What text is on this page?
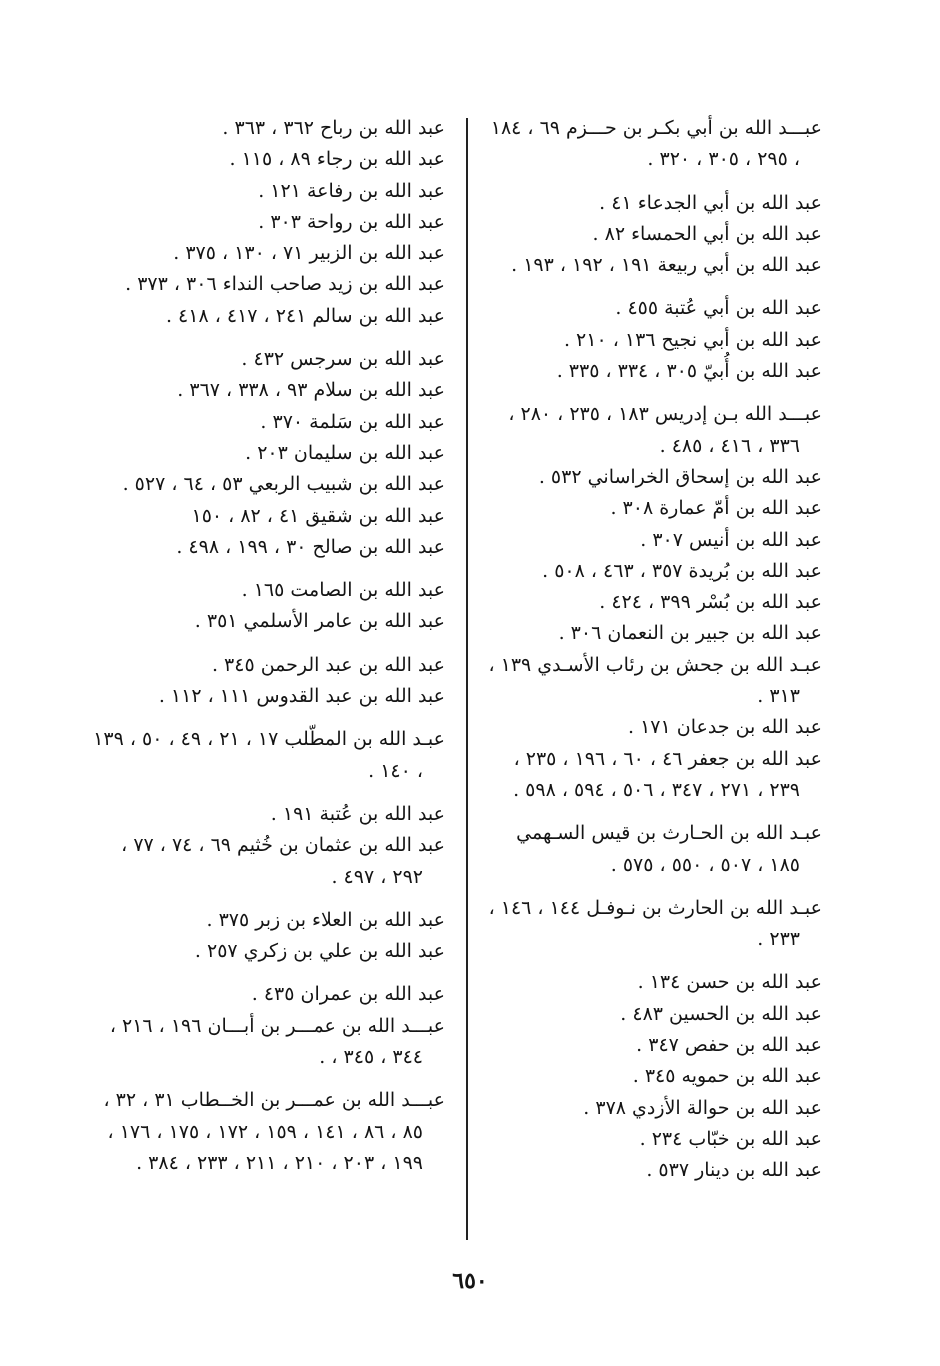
عبـــد الله بن أبي بكـر بن حـــزم ٦٩ ، ١٨٤ ، ٢٩٥ ، ٣٠٥ ، ٣٢٠ .
عبد الله بن أبي الجدعاء ٤١ .
عبد الله بن أبي الحمساء ٨٢ .
عبد الله بن أبي ربيعة ١٩١ ، ١٩٢ ، ١٩٣ .
عبد الله بن أبي عُتبة ٤٥٥ .
عبد الله بن أبي نجيح ١٣٦ ، ٢١٠ .
عبد الله بن أُبيّ ٣٠٥ ، ٣٣٤ ، ٣٣٥ .
عبـــد الله بـن إدريس ١٨٣ ، ٢٣٥ ، ٢٨٠ ، ٣٣٦ ، ٤١٦ ، ٤٨٥ .
عبد الله بن إسحاق الخراساني ٥٣٢ .
عبد الله بن أمّ عمارة ٣٠٨ .
عبد الله بن أنيس ٣٠٧ .
عبد الله بن بُريدة ٣٥٧ ، ٤٦٣ ، ٥٠٨ .
عبد الله بن بُسْر ٣٩٩ ، ٤٢٤ .
عبد الله بن جبير بن النعمان ٣٠٦ .
عبـد الله بن جحش بن رئاب الأسـدي ١٣٩ ، ٣١٣ .
عبد الله بن جدعان ١٧١ .
عبد الله بن جعفر ٤٦ ، ٦٠ ، ١٩٦ ، ٢٣٥ ، ٢٣٩ ، ٢٧١ ، ٣٤٧ ، ٥٠٦ ، ٥٩٤ ، ٥٩٨ .
عبـد الله بن الحـارث بن قيس السـهمي ١٨٥ ، ٥٠٧ ، ٥٥٠ ، ٥٧٥ .
عبـد الله بن الحارث بن نـوفـل ١٤٤ ، ١٤٦ ، ٢٣٣ .
عبد الله بن حسن ١٣٤ .
عبد الله بن الحسين ٤٨٣ .
عبد الله بن حفص ٣٤٧ .
عبد الله بن حمويه ٣٤٥ .
عبد الله بن حوالة الأزدي ٣٧٨ .
عبد الله بن خبّاب ٢٣٤ .
عبد الله بن دينار ٥٣٧ .
عبد الله بن رباح ٣٦٢ ، ٣٦٣ .
عبد الله بن رجاء ٨٩ ، ١١٥ .
عبد الله بن رفاعة ١٢١ .
عبد الله بن رواحة ٣٠٣ .
عبد الله بن الزبير ٧١ ، ١٣٠ ، ٣٧٥ .
عبد الله بن زيد صاحب النداء ٣٠٦ ، ٣٧٣ .
عبد الله بن سالم ٢٤١ ، ٤١٧ ، ٤١٨ .
عبد الله بن سرجس ٤٣٢ .
عبد الله بن سلام ٩٣ ، ٣٣٨ ، ٣٦٧ .
عبد الله بن سَلمة ٣٧٠ .
عبد الله بن سليمان ٢٠٣ .
عبد الله بن شبيب الربعي ٥٣ ، ٦٤ ، ٥٢٧ .
عبد الله بن شقيق ٤١ ، ٨٢ ، ١٥٠
عبد الله بن صالح ٣٠ ، ١٩٩ ، ٤٩٨ .
عبد الله بن الصامت ١٦٥ .
عبد الله بن عامر الأسلمي ٣٥١ .
عبد الله بن عبد الرحمن ٣٤٥ .
عبد الله بن عبد القدوس ١١١ ، ١١٢ .
عبـد الله بن المطّلب ١٧ ، ٢١ ، ٤٩ ، ٥٠ ، ١٣٩ ، ١٤٠ .
عبد الله بن عُتبة ١٩١ .
عبد الله بن عثمان بن خُثيم ٦٩ ، ٧٤ ، ٧٧ ، ٢٩٢ ، ٤٩٧ .
عبد الله بن العلاء بن زبر ٣٧٥ .
عبد الله بن علي بن زكري ٢٥٧ .
عبد الله بن عمران ٤٣٥ .
عبـــد الله بن عمـــر بن أبـــان ١٩٦ ، ٢١٦ ، ٣٤٤ ، ٣٤٥ ، .
عبـــد الله بن عمـــر بن الخــطاب ٣١ ، ٣٢ ، ٨٥ ، ٨٦ ، ١٤١ ، ١٥٩ ، ١٧٢ ، ١٧٥ ، ١٧٦ ، ١٩٩ ، ٢٠٣ ، ٢١٠ ، ٢١١ ، ٢٣٣ ، ٣٨٤ .
٦٥٠
